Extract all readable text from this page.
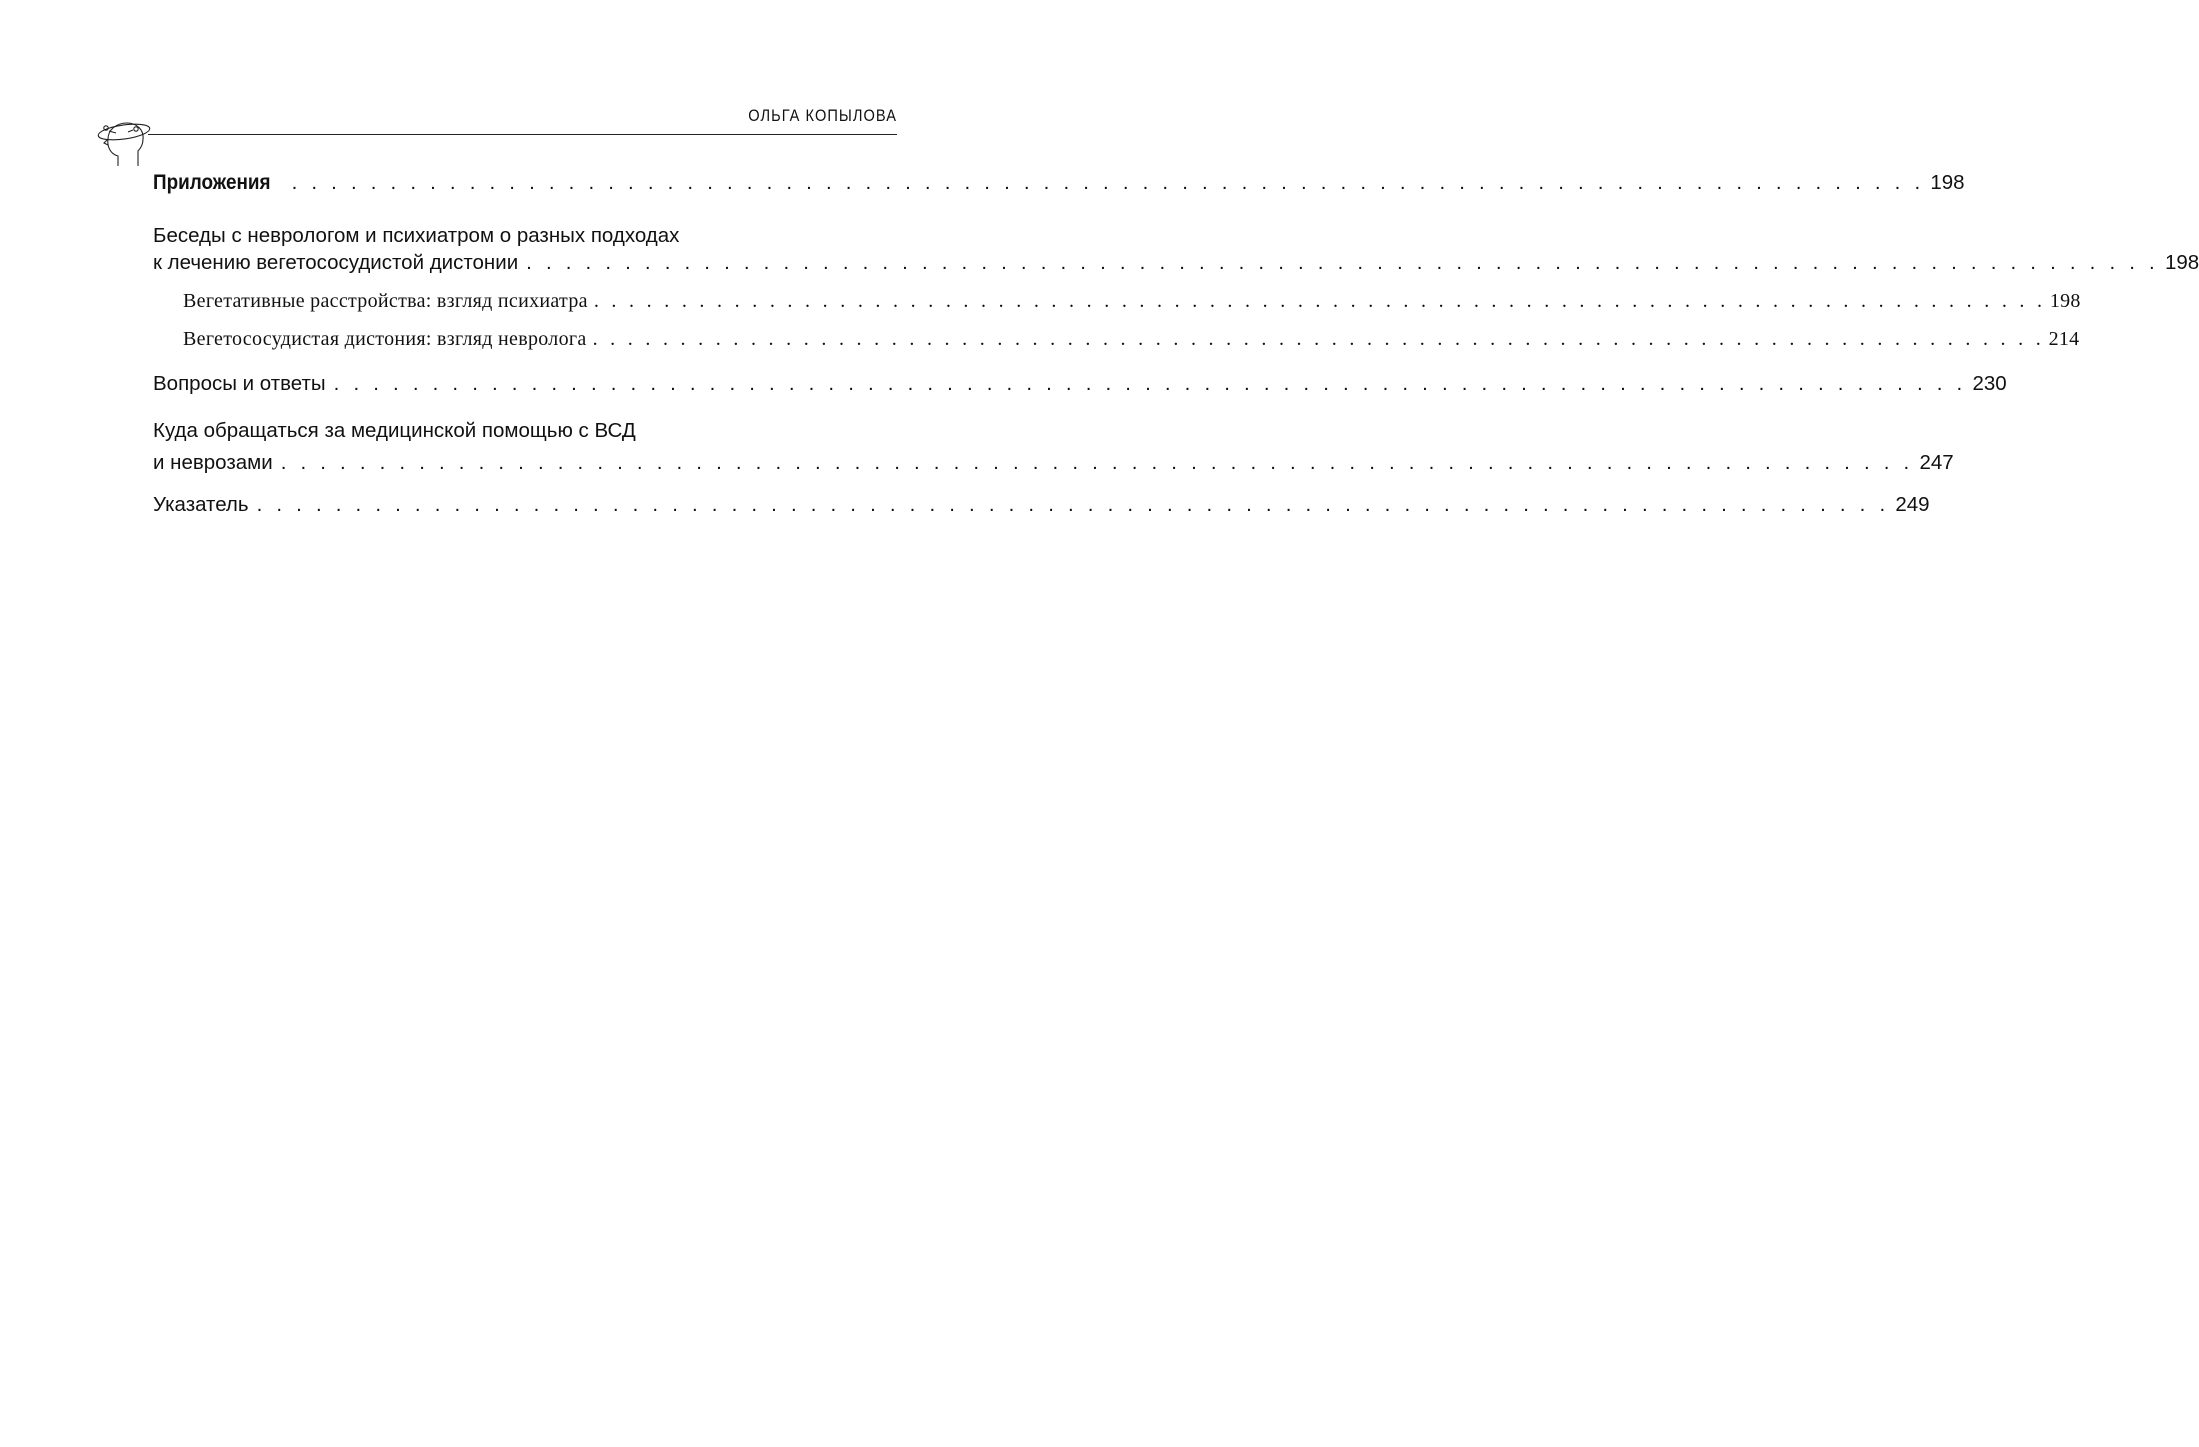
ОЛЬГА КОПЫЛОВА
Приложения . . . . . . . . . . . . . . . . . . . . . . . . . . . . . . . . . . . . . . . . . . . . . . . . . . . . . . . . . . . . . . . . . . . . . . . . . . . . . . . . . . . 198
Беседы с неврологом и психиатром о разных подходах
к лечению вегетососудистой дистонии . . . . . . . . . . . . . . . . . . . . . . . . . . . . . . . . . . . . . . . . . . . . . . . . . . . . . . . . . . . . . . . . . . . . . . . . . . . . . . . . . . . 198
Вегетативные расстройства: взгляд психиатра . . . . . . . . . . . . . . . . . . . . . . . . . . . . . . . . . . . . . . . . . . . . . . . . . . . . . . . . . . . . . . . . . . . . . . . . . . . . . . . . . . . 198
Вегетососудистая дистония: взгляд невролога . . . . . . . . . . . . . . . . . . . . . . . . . . . . . . . . . . . . . . . . . . . . . . . . . . . . . . . . . . . . . . . . . . . . . . . . . . . . . . . . . . . 214
Вопросы и ответы . . . . . . . . . . . . . . . . . . . . . . . . . . . . . . . . . . . . . . . . . . . . . . . . . . . . . . . . . . . . . . . . . . . . . . . . . . . . . . . . . . . 230
Куда обращаться за медицинской помощью с ВСД
и неврозами . . . . . . . . . . . . . . . . . . . . . . . . . . . . . . . . . . . . . . . . . . . . . . . . . . . . . . . . . . . . . . . . . . . . . . . . . . . . . . . . . . . 247
Указатель . . . . . . . . . . . . . . . . . . . . . . . . . . . . . . . . . . . . . . . . . . . . . . . . . . . . . . . . . . . . . . . . . . . . . . . . . . . . . . . . . . . 249
